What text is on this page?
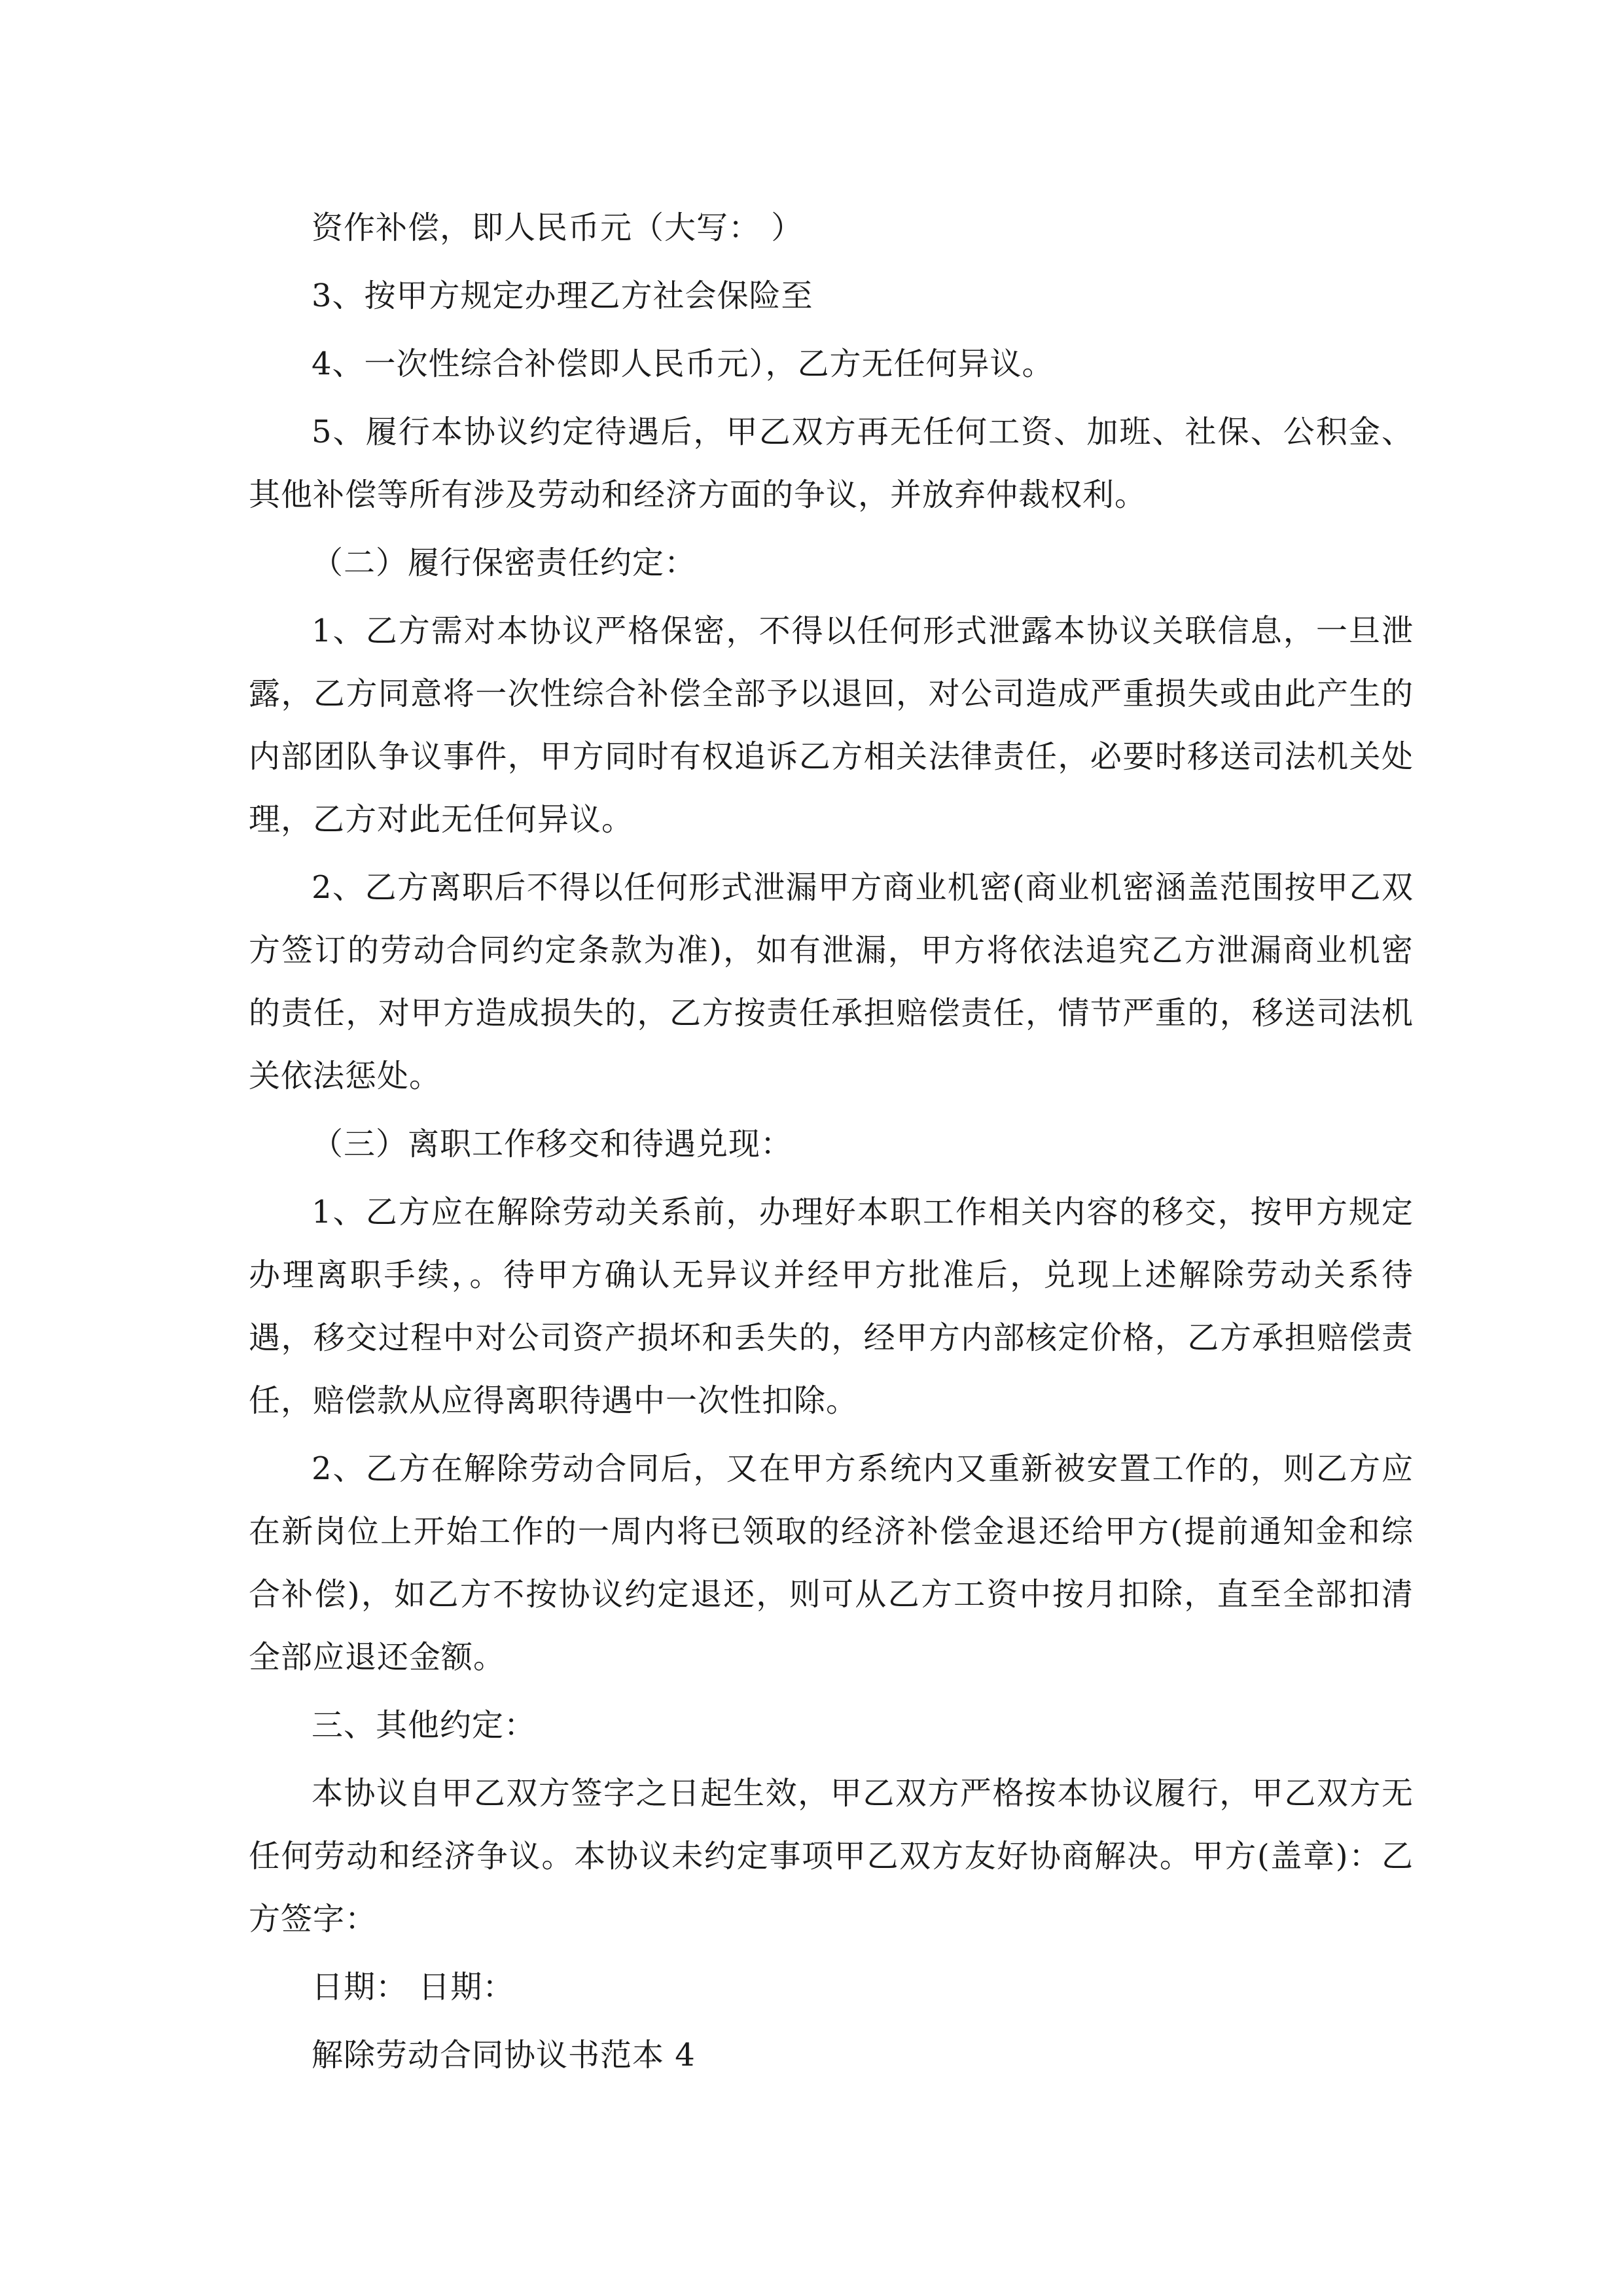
资作补偿，即人民币元（大写： ）

3、按甲方规定办理乙方社会保险至

4、一次性综合补偿即人民币元），乙方无任何异议。

5、履行本协议约定待遇后，甲乙双方再无任何工资、加班、社保、公积金、其他补偿等所有涉及劳动和经济方面的争议，并放弃仲裁权利。

（二）履行保密责任约定：

1、乙方需对本协议严格保密，不得以任何形式泄露本协议关联信息，一旦泄露，乙方同意将一次性综合补偿全部予以退回，对公司造成严重损失或由此产生的内部团队争议事件，甲方同时有权追诉乙方相关法律责任，必要时移送司法机关处理，乙方对此无任何异议。

2、乙方离职后不得以任何形式泄漏甲方商业机密(商业机密涵盖范围按甲乙双方签订的劳动合同约定条款为准)，如有泄漏，甲方将依法追究乙方泄漏商业机密的责任，对甲方造成损失的，乙方按责任承担赔偿责任，情节严重的，移送司法机关依法惩处。

（三）离职工作移交和待遇兑现：

1、乙方应在解除劳动关系前，办理好本职工作相关内容的移交，按甲方规定办理离职手续，。待甲方确认无异议并经甲方批准后，兑现上述解除劳动关系待遇，移交过程中对公司资产损坏和丢失的，经甲方内部核定价格，乙方承担赔偿责任，赔偿款从应得离职待遇中一次性扣除。

2、乙方在解除劳动合同后，又在甲方系统内又重新被安置工作的，则乙方应在新岗位上开始工作的一周内将已领取的经济补偿金退还给甲方(提前通知金和综合补偿)，如乙方不按协议约定退还，则可从乙方工资中按月扣除，直至全部扣清全部应退还金额。

三、其他约定：

本协议自甲乙双方签字之日起生效，甲乙双方严格按本协议履行，甲乙双方无任何劳动和经济争议。本协议未约定事项甲乙双方友好协商解决。甲方(盖章)：乙方签字：

日期： 日期：

解除劳动合同协议书范本 4
